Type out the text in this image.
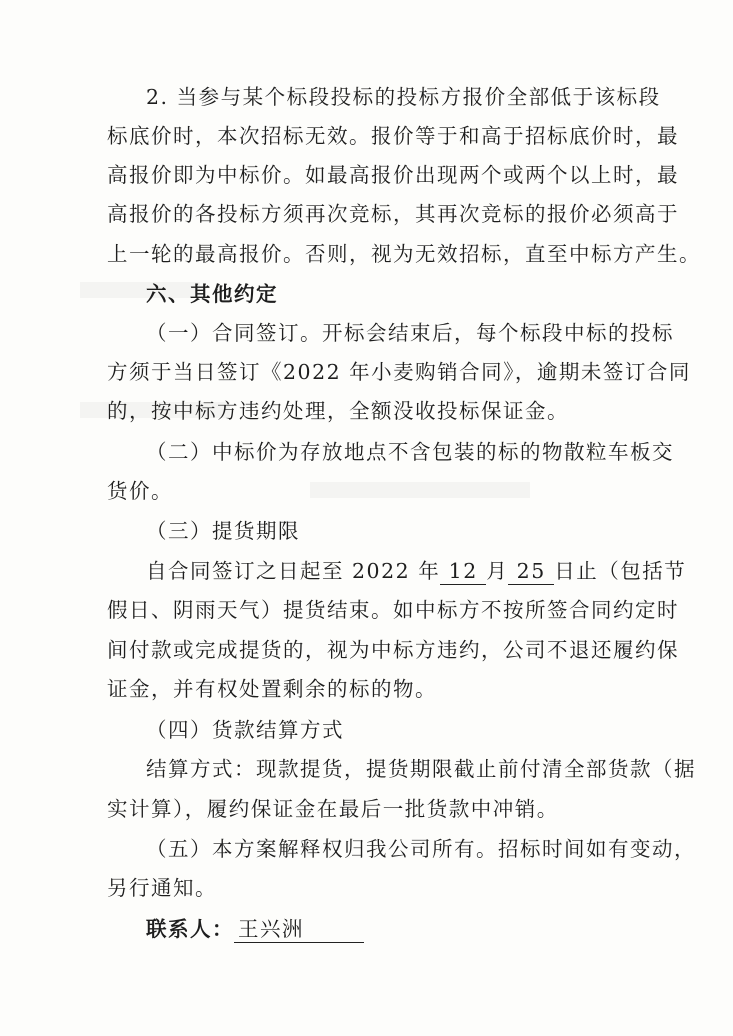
2. 当参与某个标段投标的投标方报价全部低于该标段
标底价时，本次招标无效。报价等于和高于招标底价时，最
高报价即为中标价。如最高报价出现两个或两个以上时，最
高报价的各投标方须再次竞标，其再次竞标的报价必须高于
上一轮的最高报价。否则，视为无效招标，直至中标方产生。
六、其他约定
（一）合同签订。开标会结束后，每个标段中标的投标
方须于当日签订《2022 年小麦购销合同》，逾期未签订合同
的，按中标方违约处理，全额没收投标保证金。
（二）中标价为存放地点不含包装的标的物散粒车板交
货价。
（三）提货期限
自合同签订之日起至 2022 年 12 月 25 日止（包括节
假日、阴雨天气）提货结束。如中标方不按所签合同约定时
间付款或完成提货的，视为中标方违约，公司不退还履约保
证金，并有权处置剩余的标的物。
（四）货款结算方式
结算方式：现款提货，提货期限截止前付清全部货款（据
实计算），履约保证金在最后一批货款中冲销。
（五）本方案解释权归我公司所有。招标时间如有变动，
另行通知。
联系人： 王兴洲
